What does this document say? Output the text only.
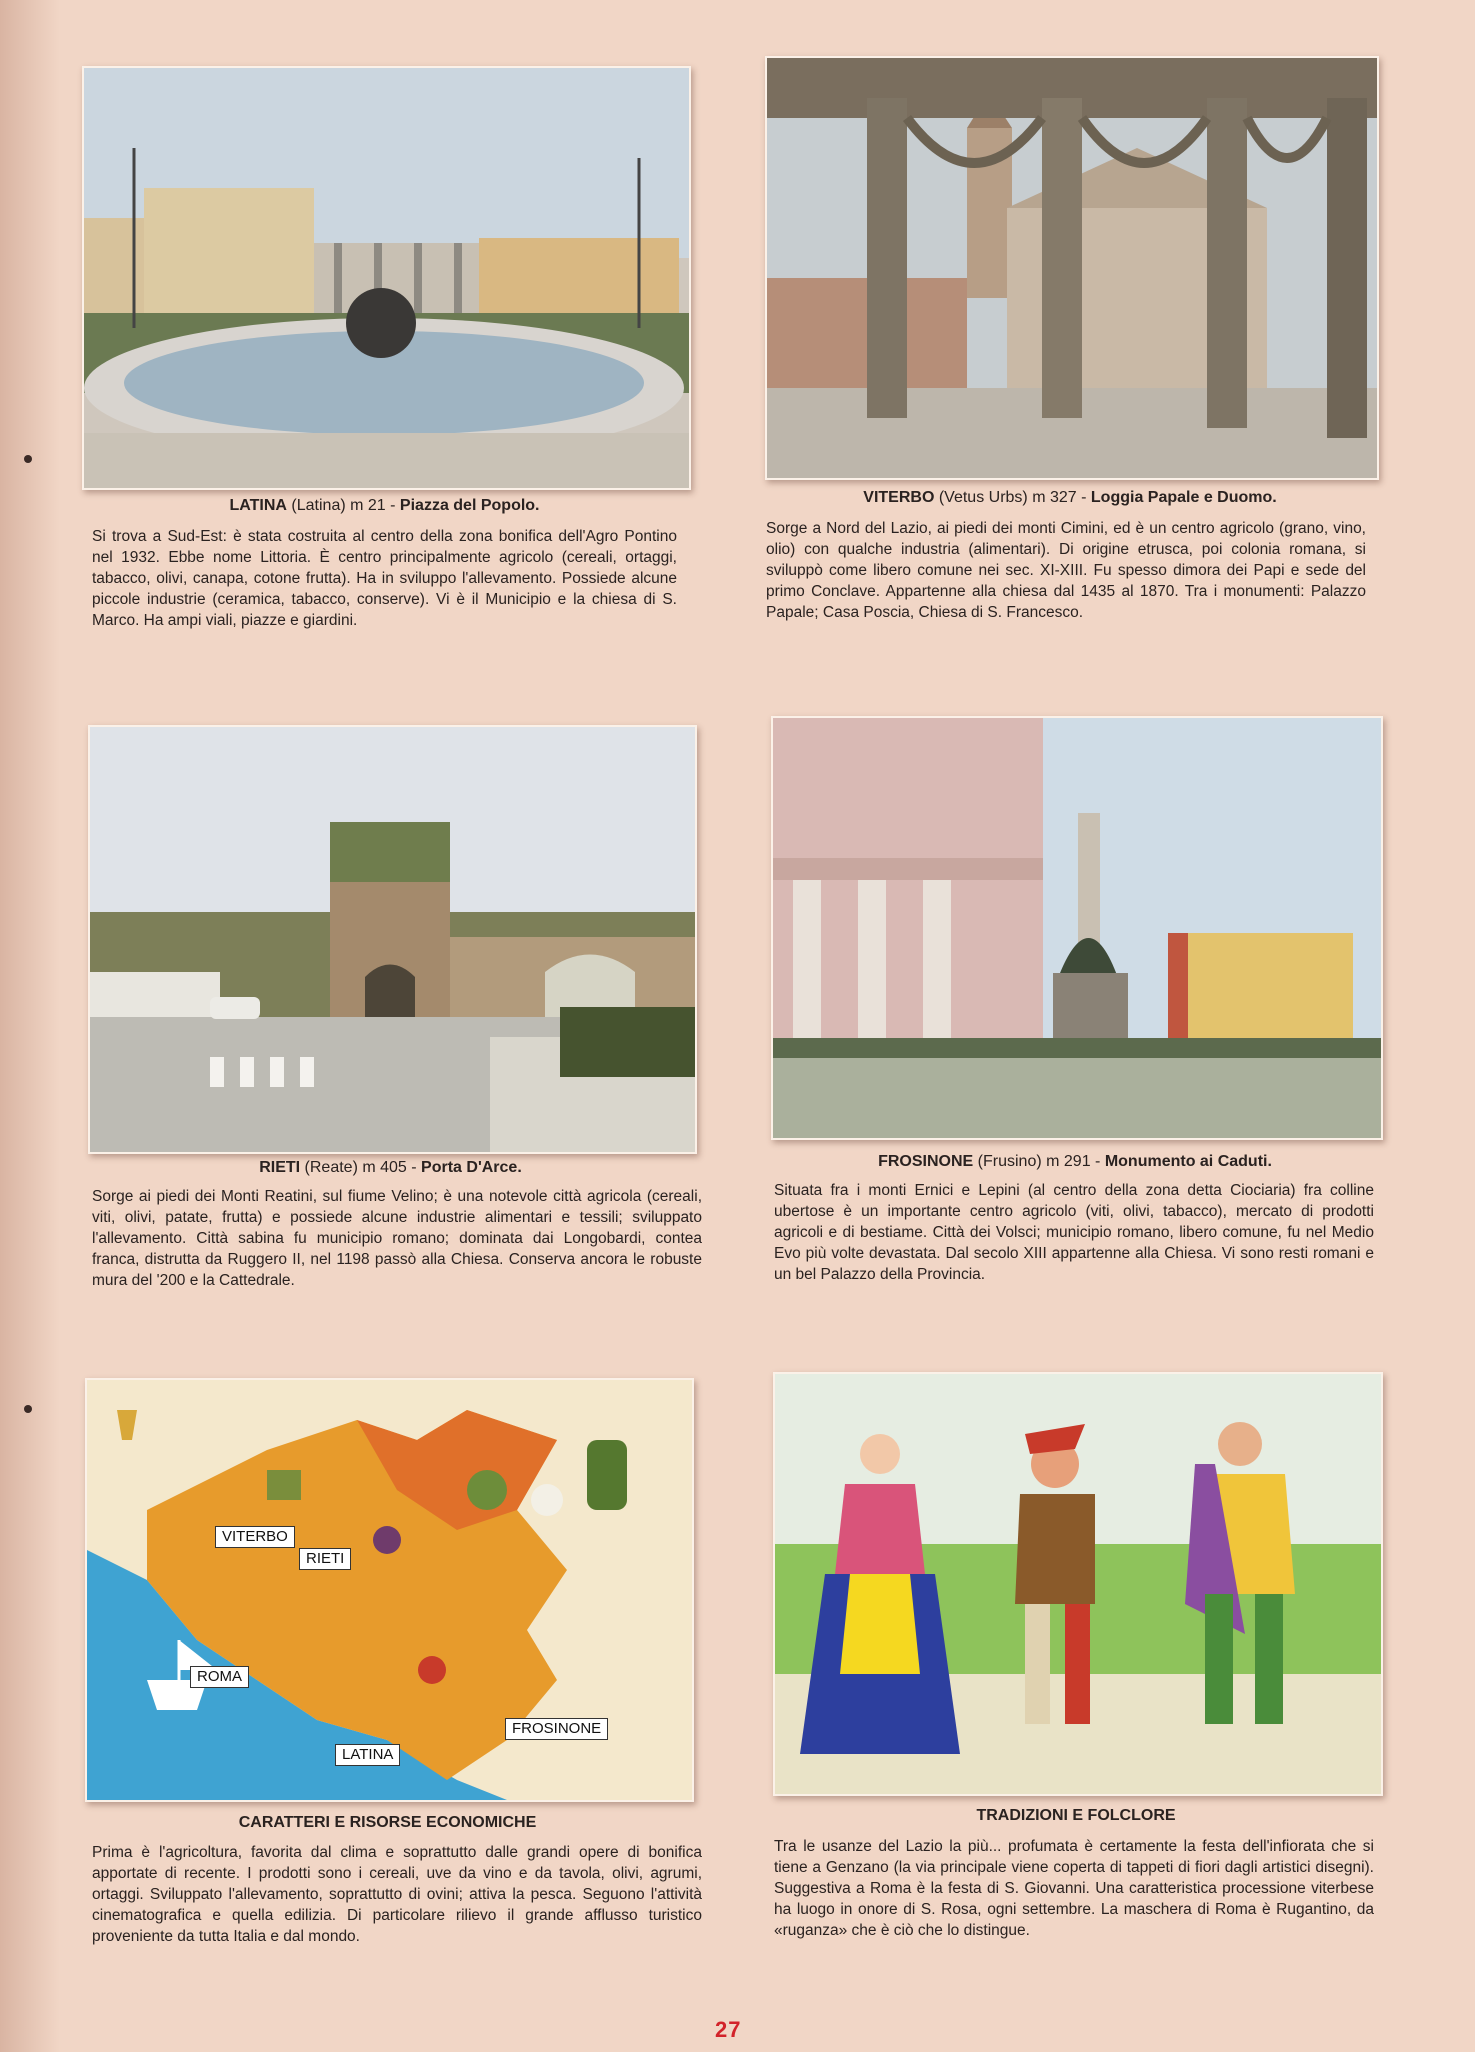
LATINA (Latina) m 21 - Piazza del Popolo.

Si trova a Sud-Est: è stata costruita al centro della zona bonifica dell'Agro Pontino nel 1932. Ebbe nome Littoria. È centro principalmente agricolo (cereali, ortaggi, tabacco, olivi, canapa, cotone frutta). Ha in sviluppo l'allevamento. Possiede alcune piccole industrie (ceramica, tabacco, conserve). Vi è il Municipio e la chiesa di S. Marco. Ha ampi viali, piazze e giardini.

VITERBO (Vetus Urbs) m 327 - Loggia Papale e Duomo.

Sorge a Nord del Lazio, ai piedi dei monti Cimini, ed è un centro agricolo (grano, vino, olio) con qualche industria (alimentari). Di origine etrusca, poi colonia romana, si sviluppò come libero comune nei sec. XI-XIII. Fu spesso dimora dei Papi e sede del primo Conclave. Appartenne alla chiesa dal 1435 al 1870. Tra i monumenti: Palazzo Papale; Casa Poscia, Chiesa di S. Francesco.

RIETI (Reate) m 405 - Porta D'Arce.

Sorge ai piedi dei Monti Reatini, sul fiume Velino; è una notevole città agricola (cereali, viti, olivi, patate, frutta) e possiede alcune industrie alimentari e tessili; sviluppato l'allevamento. Città sabina fu municipio romano; dominata dai Longobardi, contea franca, distrutta da Ruggero II, nel 1198 passò alla Chiesa. Conserva ancora le robuste mura del '200 e la Cattedrale.

FROSINONE (Frusino) m 291 - Monumento ai Caduti.

Situata fra i monti Ernici e Lepini (al centro della zona detta Ciociaria) fra colline ubertose è un importante centro agricolo (viti, olivi, tabacco), mercato di prodotti agricoli e di bestiame. Città dei Volsci; municipio romano, libero comune, fu nel Medio Evo più volte devastata. Dal secolo XIII appartenne alla Chiesa. Vi sono resti romani e un bel Palazzo della Provincia.

VITERBO
RIETI
ROMA
LATINA
FROSINONE
CARATTERI E RISORSE ECONOMICHE

Prima è l'agricoltura, favorita dal clima e soprattutto dalle grandi opere di bonifica apportate di recente. I prodotti sono i cereali, uve da vino e da tavola, olivi, agrumi, ortaggi. Sviluppato l'allevamento, soprattutto di ovini; attiva la pesca. Seguono l'attività cinematografica e quella edilizia. Di particolare rilievo il grande afflusso turistico proveniente da tutta Italia e dal mondo.

TRADIZIONI E FOLCLORE

Tra le usanze del Lazio la più... profumata è certamente la festa dell'infiorata che si tiene a Genzano (la via principale viene coperta di tappeti di fiori dagli artistici disegni). Suggestiva a Roma è la festa di S. Giovanni. Una caratteristica processione viterbese ha luogo in onore di S. Rosa, ogni settembre. La maschera di Roma è Rugantino, da «ruganza» che è ciò che lo distingue.

27
